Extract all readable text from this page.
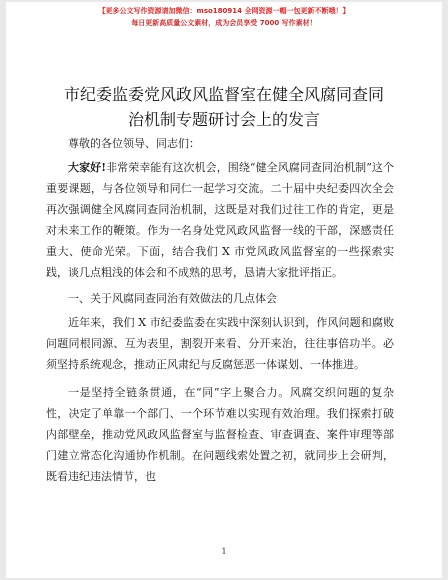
【更多公文写作资源请加微信：mso180914 全网资源一帽一包更新不断哦！】
每日更新高质量公文素材，成为会员享受 7000 写作素材！
市纪委监委党风政风监督室在健全风腐同查同
治机制专题研讨会上的发言

尊敬的各位领导、同志们：

大家好!非常荣幸能有这次机会，围绕“健全风腐同查同治机制”这个重要课题，与各位领导和同仁一起学习交流。二十届中央纪委四次全会再次强调健全风腐同查同治机制，这既是对我们过往工作的肯定，更是对未来工作的鞭策。作为一名身处党风政风监督一线的干部，深感责任重大、使命光荣。下面，结合我们 X 市党风政风监督室的一些探索实践，谈几点粗浅的体会和不成熟的思考，恳请大家批评指正。

一、关于风腐同查同治有效做法的几点体会

近年来，我们 X 市纪委监委在实践中深刻认识到，作风问题和腐败问题同根同源、互为表里，割裂开来看、分开来治，往往事倍功半。必须坚持系统观念，推动正风肃纪与反腐惩恶一体谋划、一体推进。

一是坚持全链条贯通，在“同”字上聚合力。风腐交织问题的复杂性，决定了单靠一个部门、一个环节难以实现有效治理。我们探索打破内部壁垒，推动党风政风监督室与监督检查、审查调查、案件审理等部门建立常态化沟通协作机制。在问题线索处置之初，就同步上会研判，既看违纪违法情节，也

1
